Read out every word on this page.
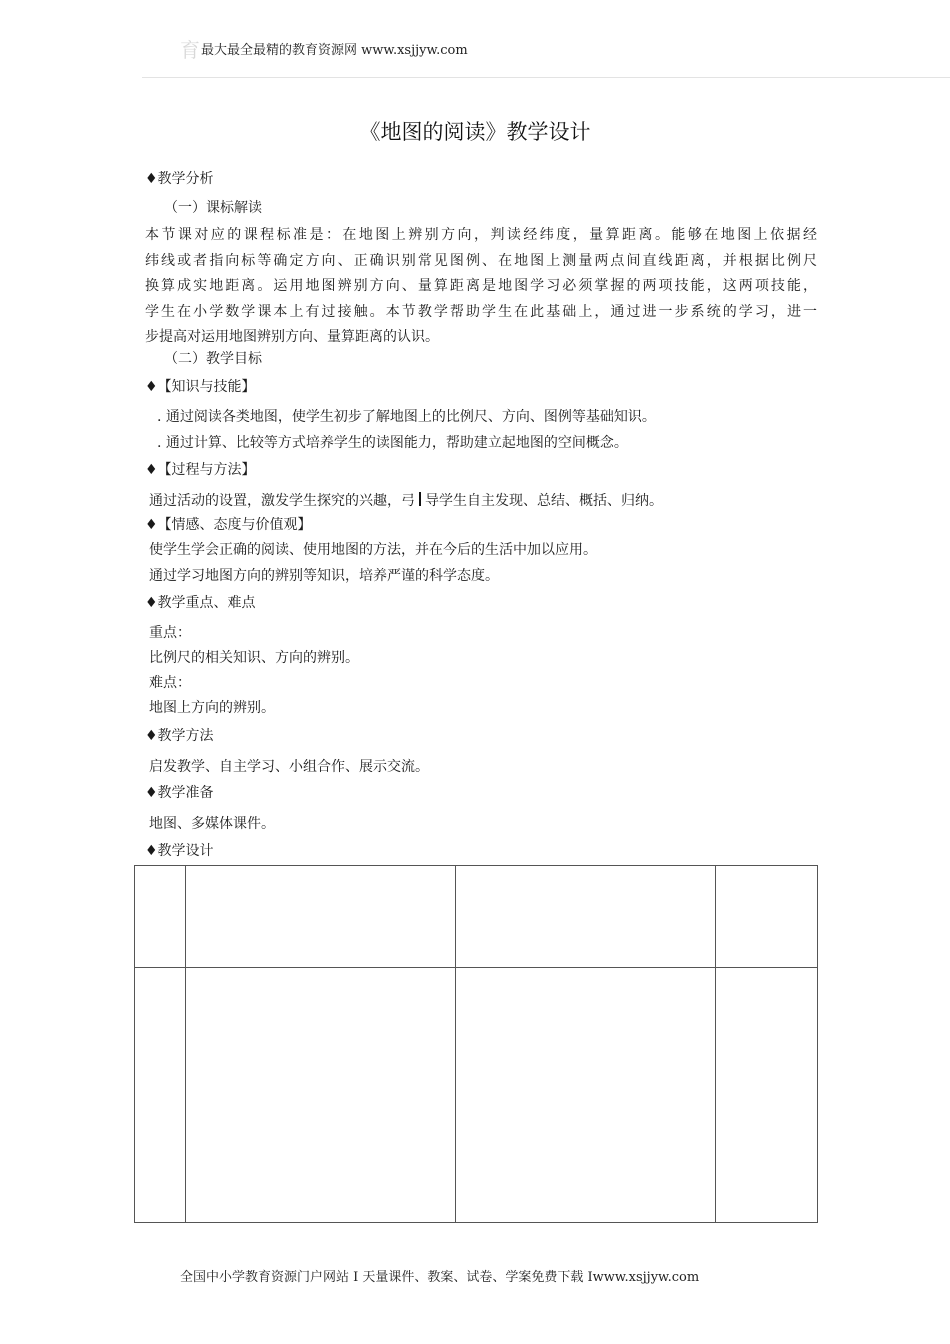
育最大最全最精的教育资源网 www.xsjjyw.com
《地图的阅读》教学设计
♦教学分析
（一）课标解读
本节课对应的课程标准是：在地图上辨别方向，判读经纬度，量算距离。能够在地图上依据经
纬线或者指向标等确定方向、正确识别常见图例、在地图上测量两点间直线距离，并根据比例尺
换算成实地距离。运用地图辨别方向、量算距离是地图学习必须掌握的两项技能，这两项技能，
学生在小学数学课本上有过接触。本节教学帮助学生在此基础上，通过进一步系统的学习，进一
步提高对运用地图辨别方向、量算距离的认识。
（二）教学目标
♦【知识与技能】
. 通过阅读各类地图，使学生初步了解地图上的比例尺、方向、图例等基础知识。
. 通过计算、比较等方式培养学生的读图能力，帮助建立起地图的空间概念。
♦【过程与方法】
通过活动的设置，激发学生探究的兴趣，弓 导学生自主发现、总结、概括、归纳。
♦【情感、态度与价值观】
使学生学会正确的阅读、使用地图的方法，并在今后的生活中加以应用。
通过学习地图方向的辨别等知识，培养严谨的科学态度。
♦教学重点、难点
重点：
比例尺的相关知识、方向的辨别。
难点：
地图上方向的辨别。
♦教学方法
启发教学、自主学习、小组合作、展示交流。
♦教学准备
地图、多媒体课件。
♦教学设计

全国中小学教育资源门户网站 I 天量课件、教案、试卷、学案免费下载 Iwww.xsjjyw.com
